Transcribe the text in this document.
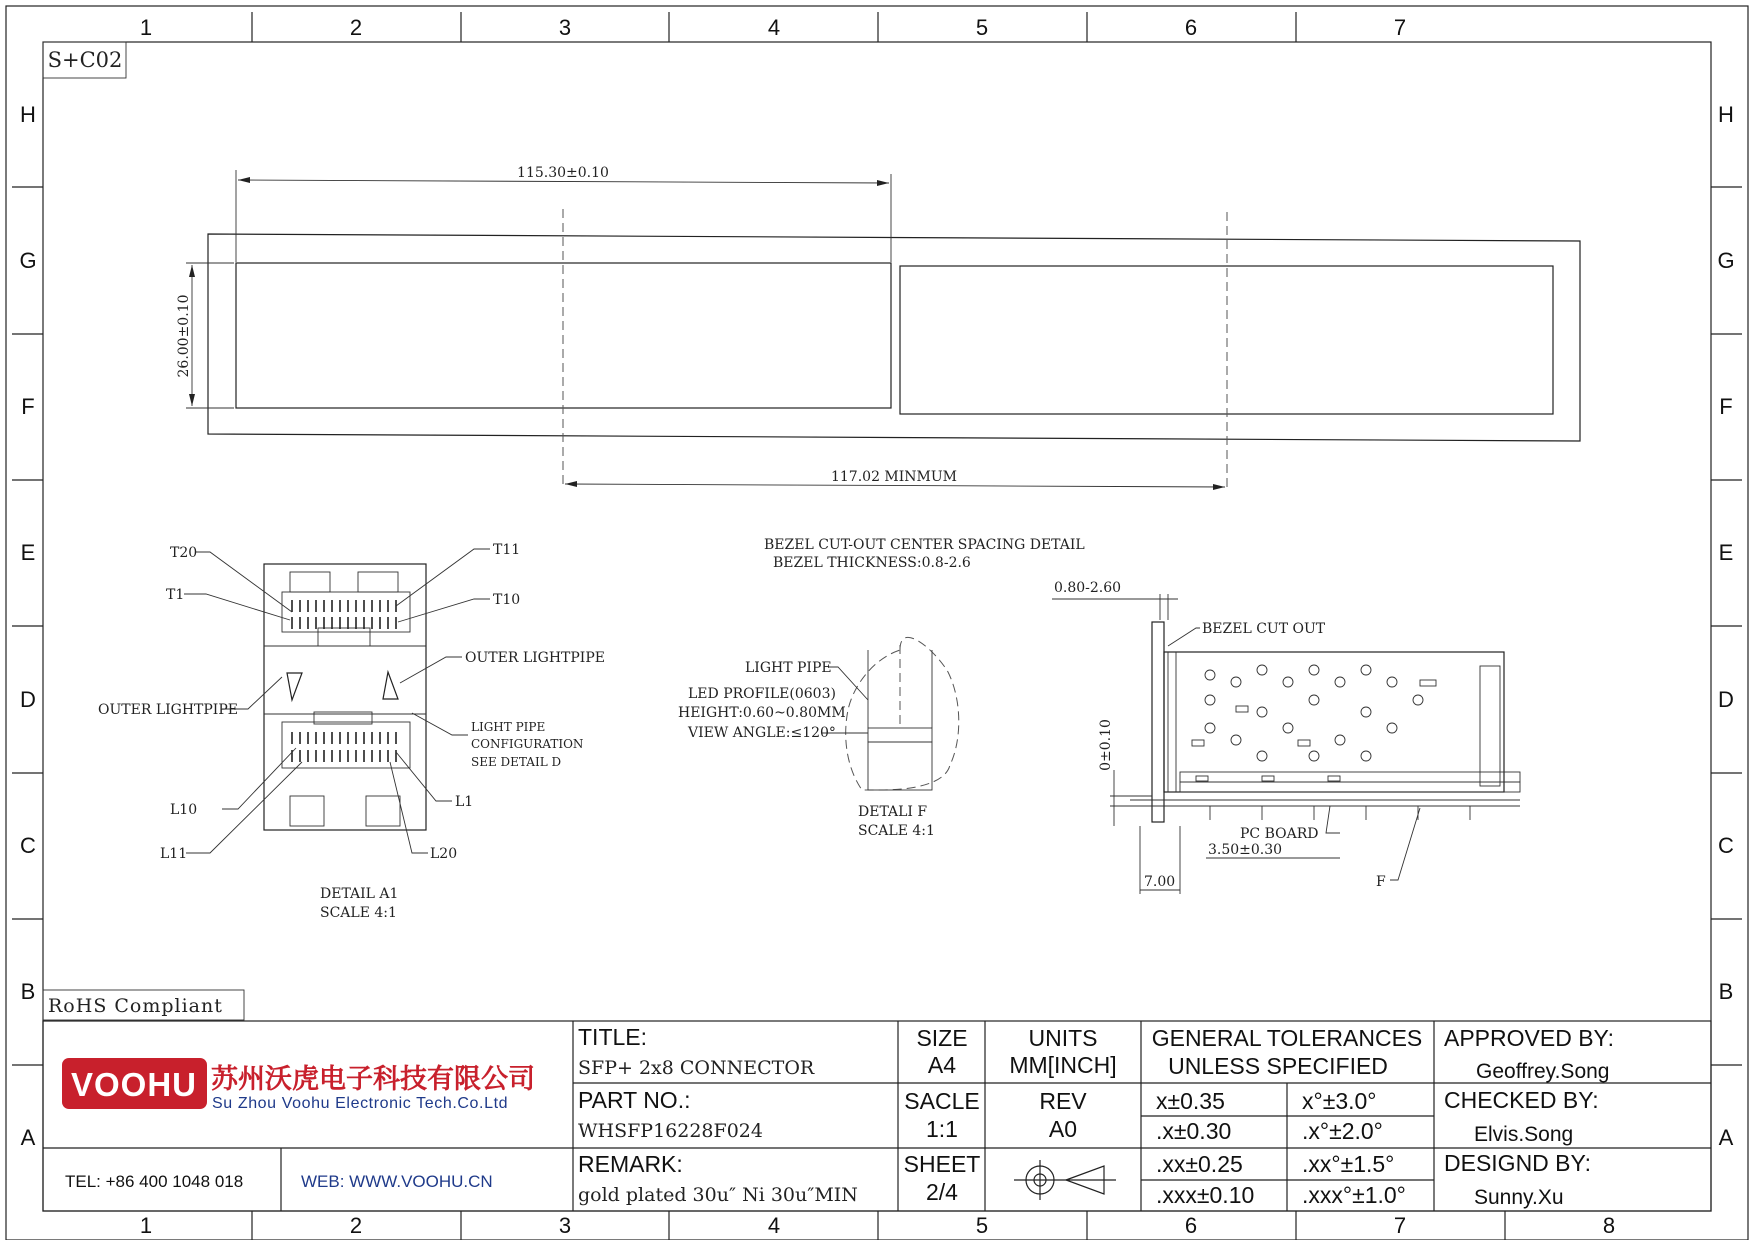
1	2	3	4	5	6	7
1	2	3	4	5	6	7	8
H
G
F
E
D
C
B
A
H
G
F
E
D
C
B
A
S+C02
115.30±0.10
26.00±0.10
117.02 MINMUM
BEZEL CUT-OUT CENTER SPACING DETAIL
BEZEL THICKNESS:0.8-2.6
T20
T1
T11
T10
OUTER LIGHTPIPE
OUTER LIGHTPIPE
LIGHT PIPE
CONFIGURATION
SEE DETAIL D
L10	L1
L11	L20
DETAIL A1
SCALE 4:1
LIGHT PIPE
LED PROFILE(0603)
HEIGHT:0.60~0.80MM
VIEW ANGLE:≤120°
DETALI F
SCALE 4:1
0.80-2.60
BEZEL CUT OUT
0±0.10
PC BOARD
3.50±0.30
7.00	F
RoHS Compliant
VOOHU 苏州沃虎电子科技有限公司
Su Zhou Voohu Electronic Tech.Co.Ltd
TEL: +86 400 1048 018	WEB: WWW.VOOHU.CN
TITLE:
SFP+ 2x8 CONNECTOR
PART NO.:
WHSFP16228F024
REMARK:
gold plated 30u″ Ni 30u″MIN
SIZE
A4
UNITS
MM[INCH]
SACLE
1:1
REV
A0
SHEET
2/4
GENERAL TOLERANCES
UNLESS SPECIFIED
x±0.35	x°±3.0°
.x±0.30	.x°±2.0°
.xx±0.25	.xx°±1.5°
.xxx±0.10 .xxx°±1.0°
APPROVED BY:
Geoffrey.Song
CHECKED BY:
Elvis.Song
DESIGND BY:
Sunny.Xu
